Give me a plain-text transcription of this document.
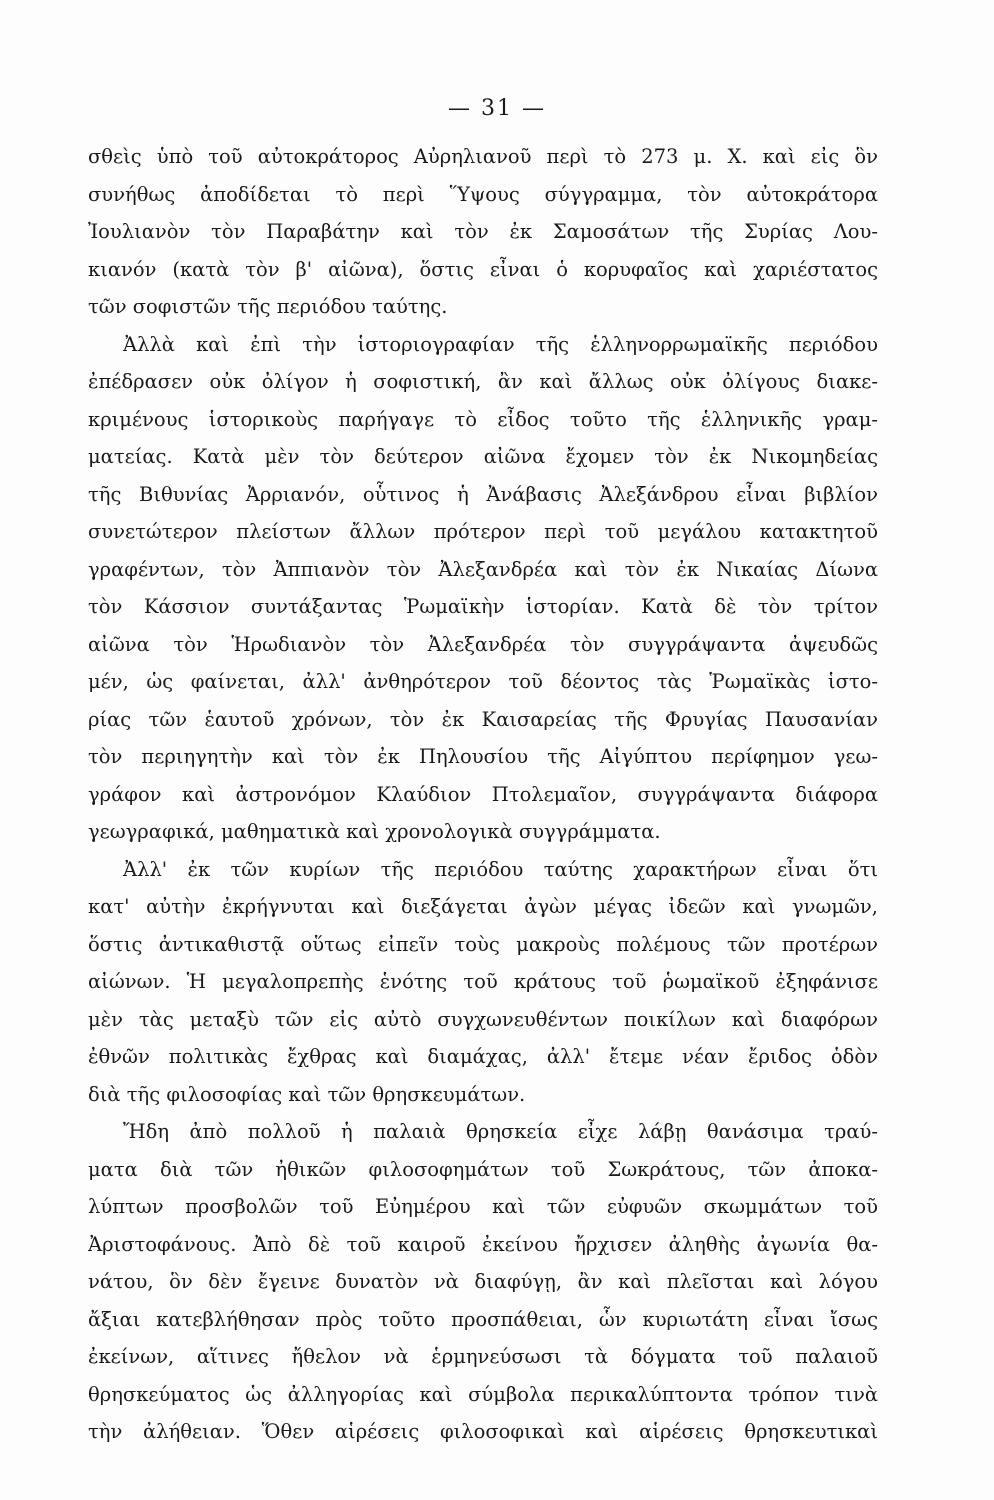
— 31 —
σθεὶς ὑπὸ τοῦ αὐτοκράτορος Αὐρηλιανοῦ περὶ τὸ 273 μ. Χ. καὶ εἰς ὃν
συνήθως ἀποδίδεται τὸ περὶ Ὕψους σύγγραμμα, τὸν αὐτοκράτορα
Ἰουλιανὸν τὸν Παραβάτην καὶ τὸν ἐκ Σαμοσάτων τῆς Συρίας Λου-
κιανόν (κατὰ τὸν β' αἰῶνα), ὅστις εἶναι ὁ κορυφαῖος καὶ χαριέστατος
τῶν σοφιστῶν τῆς περιόδου ταύτης.
Ἀλλὰ καὶ ἐπὶ τὴν ἱστοριογραφίαν τῆς ἑλληνορρωμαϊκῆς περιόδου
ἐπέδρασεν οὐκ ὀλίγον ἡ σοφιστική, ἂν καὶ ἄλλως οὐκ ὀλίγους διακε-
κριμένους ἱστορικοὺς παρήγαγε τὸ εἶδος τοῦτο τῆς ἑλληνικῆς γραμ-
ματείας. Κατὰ μὲν τὸν δεύτερον αἰῶνα ἔχομεν τὸν ἐκ Νικομηδείας
τῆς Βιθυνίας Ἀρριανόν, οὗτινος ἡ Ἀνάβασις Ἀλεξάνδρου εἶναι βιβλίον
συνετώτερον πλείστων ἄλλων πρότερον περὶ τοῦ μεγάλου κατακτητοῦ
γραφέντων, τὸν Ἀππιανὸν τὸν Ἀλεξανδρέα καὶ τὸν ἐκ Νικαίας Δίωνα
τὸν Κάσσιον συντάξαντας Ῥωμαϊκὴν ἱστορίαν. Κατὰ δὲ τὸν τρίτον
αἰῶνα τὸν Ἡρωδιανὸν τὸν Ἀλεξανδρέα τὸν συγγράψαντα ἀψευδῶς
μέν, ὡς φαίνεται, ἀλλ' ἀνθηρότερον τοῦ δέοντος τὰς Ῥωμαϊκὰς ἱστο-
ρίας τῶν ἑαυτοῦ χρόνων, τὸν ἐκ Καισαρείας τῆς Φρυγίας Παυσανίαν
τὸν περιηγητὴν καὶ τὸν ἐκ Πηλουσίου τῆς Αἰγύπτου περίφημον γεω-
γράφον καὶ ἀστρονόμον Κλαύδιον Πτολεμαῖον, συγγράψαντα διάφορα
γεωγραφικά, μαθηματικὰ καὶ χρονολογικὰ συγγράμματα.
Ἀλλ' ἐκ τῶν κυρίων τῆς περιόδου ταύτης χαρακτήρων εἶναι ὅτι
κατ' αὐτὴν ἐκρήγνυται καὶ διεξάγεται ἀγὼν μέγας ἰδεῶν καὶ γνωμῶν,
ὅστις ἀντικαθιστᾷ οὕτως εἰπεῖν τοὺς μακροὺς πολέμους τῶν προτέρων
αἰώνων. Ἡ μεγαλοπρεπὴς ἑνότης τοῦ κράτους τοῦ ῥωμαϊκοῦ ἐξηφάνισε
μὲν τὰς μεταξὺ τῶν εἰς αὐτὸ συγχωνευθέντων ποικίλων καὶ διαφόρων
ἐθνῶν πολιτικὰς ἔχθρας καὶ διαμάχας, ἀλλ' ἔτεμε νέαν ἔριδος ὁδὸν
διὰ τῆς φιλοσοφίας καὶ τῶν θρησκευμάτων.
Ἤδη ἀπὸ πολλοῦ ἡ παλαιὰ θρησκεία εἶχε λάβῃ θανάσιμα τραύ-
ματα διὰ τῶν ἠθικῶν φιλοσοφημάτων τοῦ Σωκράτους, τῶν ἀποκα-
λύπτων προσβολῶν τοῦ Εὐημέρου καὶ τῶν εὐφυῶν σκωμμάτων τοῦ
Ἀριστοφάνους. Ἀπὸ δὲ τοῦ καιροῦ ἐκείνου ἤρχισεν ἀληθὴς ἀγωνία θα-
νάτου, ὃν δὲν ἔγεινε δυνατὸν νὰ διαφύγῃ, ἂν καὶ πλεῖσται καὶ λόγου
ἄξιαι κατεβλήθησαν πρὸς τοῦτο προσπάθειαι, ὧν κυριωτάτη εἶναι ἴσως
ἐκείνων, αἵτινες ἤθελον νὰ ἑρμηνεύσωσι τὰ δόγματα τοῦ παλαιοῦ
θρησκεύματος ὡς ἀλληγορίας καὶ σύμβολα περικαλύπτοντα τρόπον τινὰ
τὴν ἀλήθειαν. Ὅθεν αἱρέσεις φιλοσοφικαὶ καὶ αἱρέσεις θρησκευτικαὶ
